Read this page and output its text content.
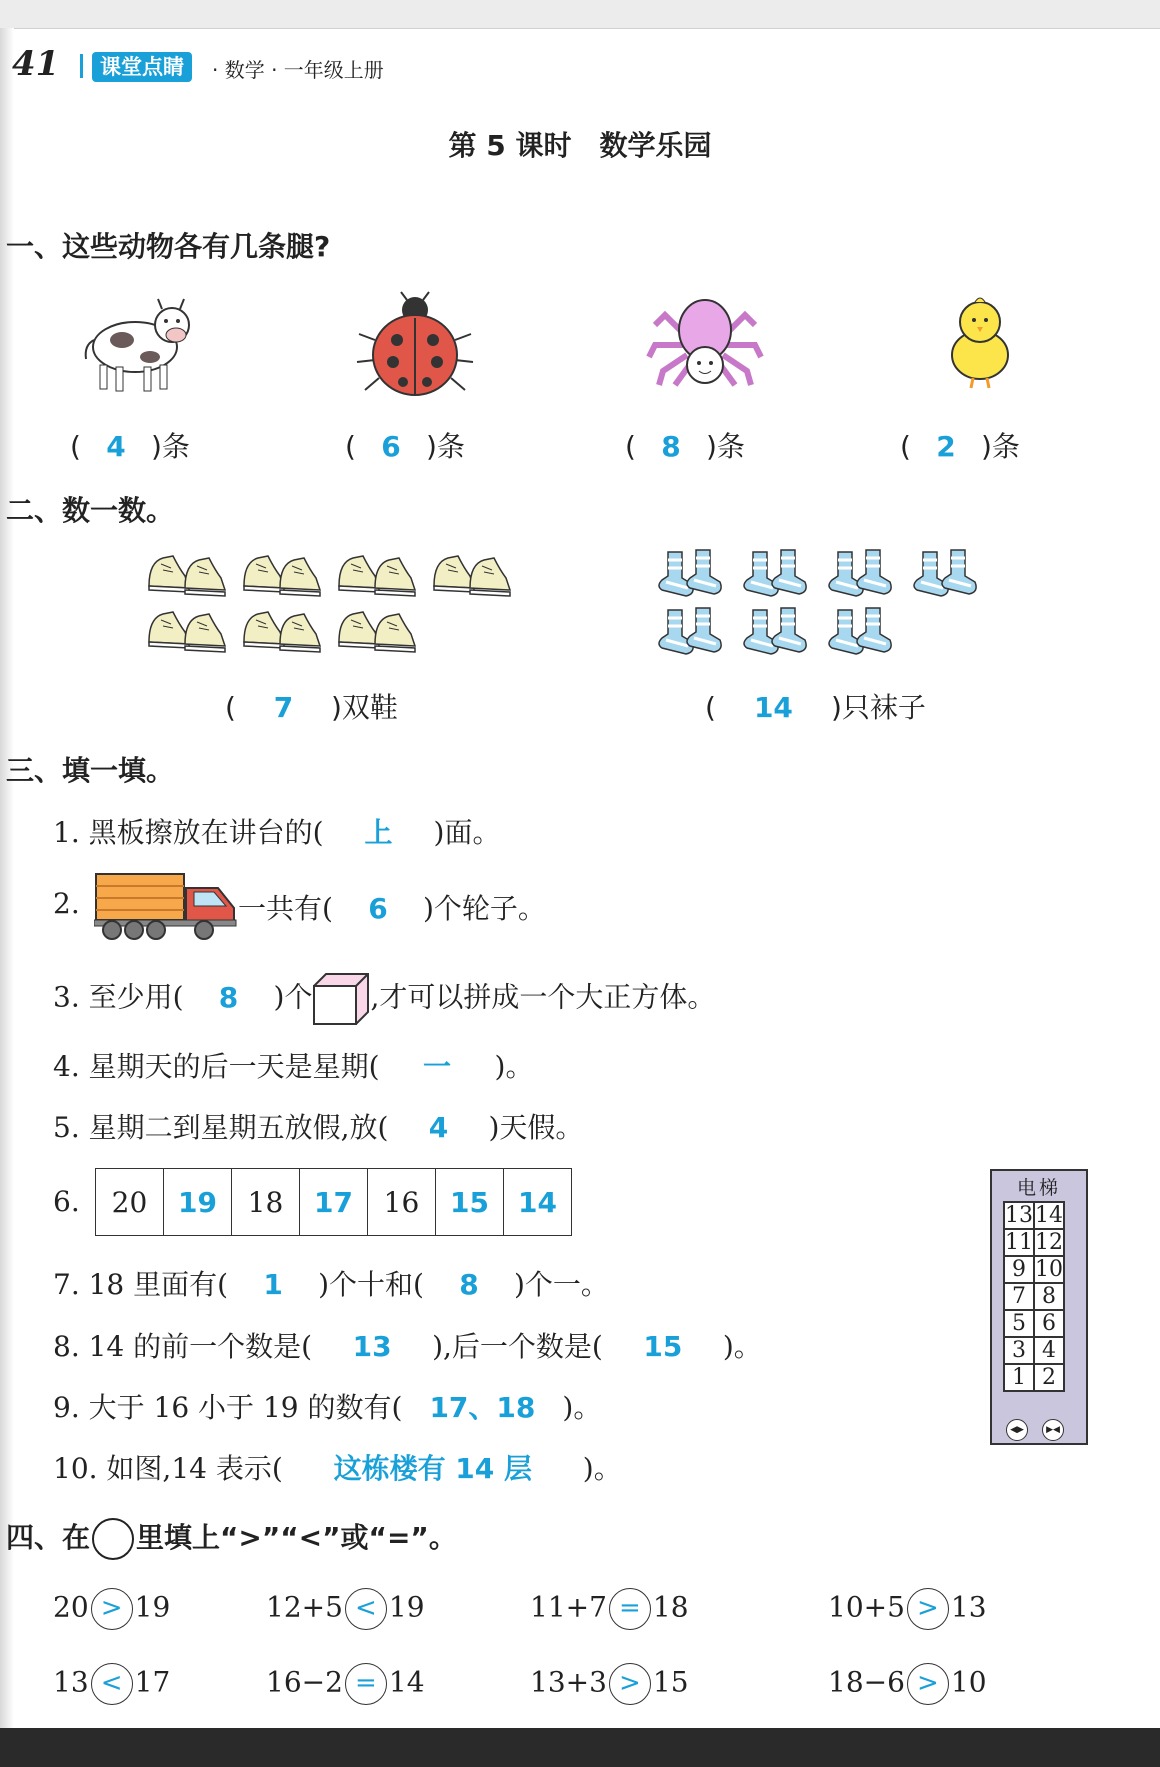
41	课堂点睛	· 数学 · 一年级上册
第 5 课时　数学乐园
一、这些动物各有几条腿?
( 4 )条	( 6 )条	( 8 )条	( 2 )条
二、数一数。
( 7 )双鞋	( 14 )只袜子
三、填一填。
1. 黑板擦放在讲台的( 上 )面。
2.	一共有( 6 )个轮子。
3. 至少用( 8 )个 ,才可以拼成一个大正方体。
4. 星期天的后一天是星期( 一 )。
5. 星期二到星期五放假,放( 4 )天假。
6. 20	19	18	17	16	15	14
7. 18 里面有( 1 )个十和( 8 )个一。
8. 14 的前一个数是( 13 ),后一个数是( 15 )。
9. 大于 16 小于 19 的数有( 17、18 )。
10. 如图,14 表示( 这栋楼有 14 层 )。
电梯
13	14
11	12
9	10
7	8
5	6
3	4
1	2
◀▶	▶◀
四、在 里填上“>”“<”或“=”。
20 > 19	12+5 < 19	11+7 = 18	10+5 > 13
13 < 17	16−2 = 14	13+3 > 15	18−6 > 10
